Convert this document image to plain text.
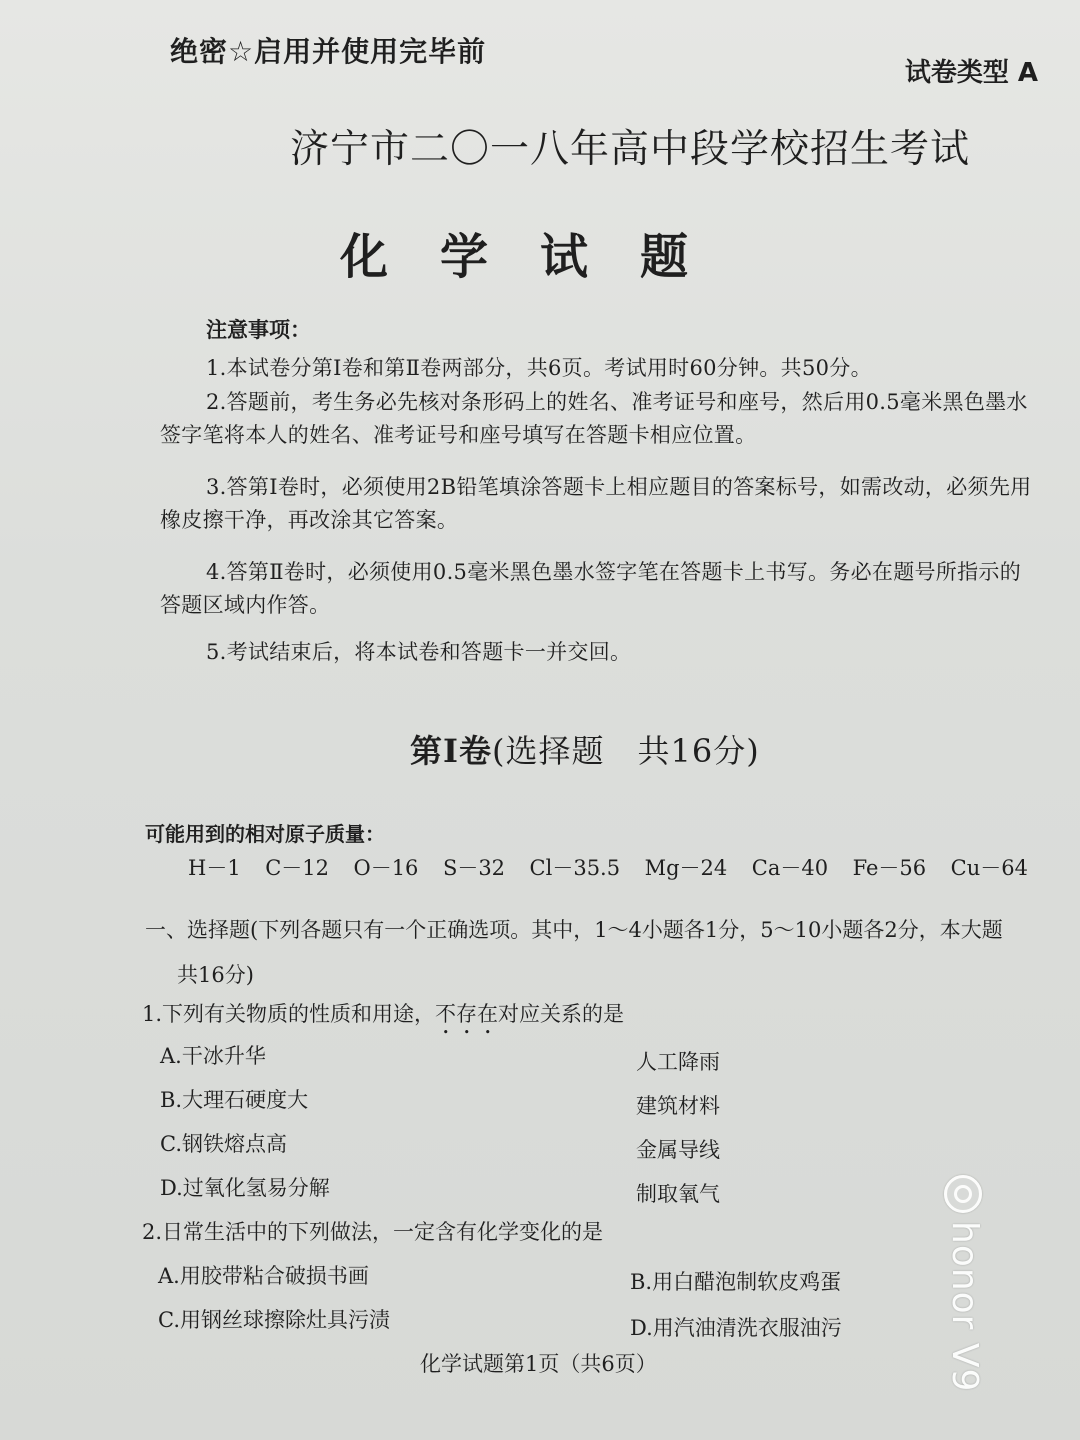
绝密☆启用并使用完毕前
试卷类型 A
济宁市二〇一八年高中段学校招生考试
化学试题
注意事项：
1.本试卷分第Ⅰ卷和第Ⅱ卷两部分，共6页。考试用时60分钟。共50分。
2.答题前，考生务必先核对条形码上的姓名、准考证号和座号，然后用0.5毫米黑色墨水签字笔将本人的姓名、准考证号和座号填写在答题卡相应位置。
3.答第Ⅰ卷时，必须使用2B铅笔填涂答题卡上相应题目的答案标号，如需改动，必须先用橡皮擦干净，再改涂其它答案。
4.答第Ⅱ卷时，必须使用0.5毫米黑色墨水签字笔在答题卡上书写。务必在题号所指示的答题区域内作答。
5.考试结束后，将本试卷和答题卡一并交回。
第Ⅰ卷(选择题　共16分)
可能用到的相对原子质量：
H－1 C－12 O－16 S－32 Cl－35.5 Mg－24 Ca－40 Fe－56 Cu－64
一、选择题(下列各题只有一个正确选项。其中，1～4小题各1分，5～10小题各2分，本大题
共16分)
1.下列有关物质的性质和用途，不存在对应关系的是
A.干冰升华	人工降雨
B.大理石硬度大	建筑材料
C.钢铁熔点高	金属导线
D.过氧化氢易分解	制取氧气
2.日常生活中的下列做法，一定含有化学变化的是
A.用胶带粘合破损书画	B.用白醋泡制软皮鸡蛋
C.用钢丝球擦除灶具污渍	D.用汽油清洗衣服油污
化学试题第1页（共6页）	honor V9
